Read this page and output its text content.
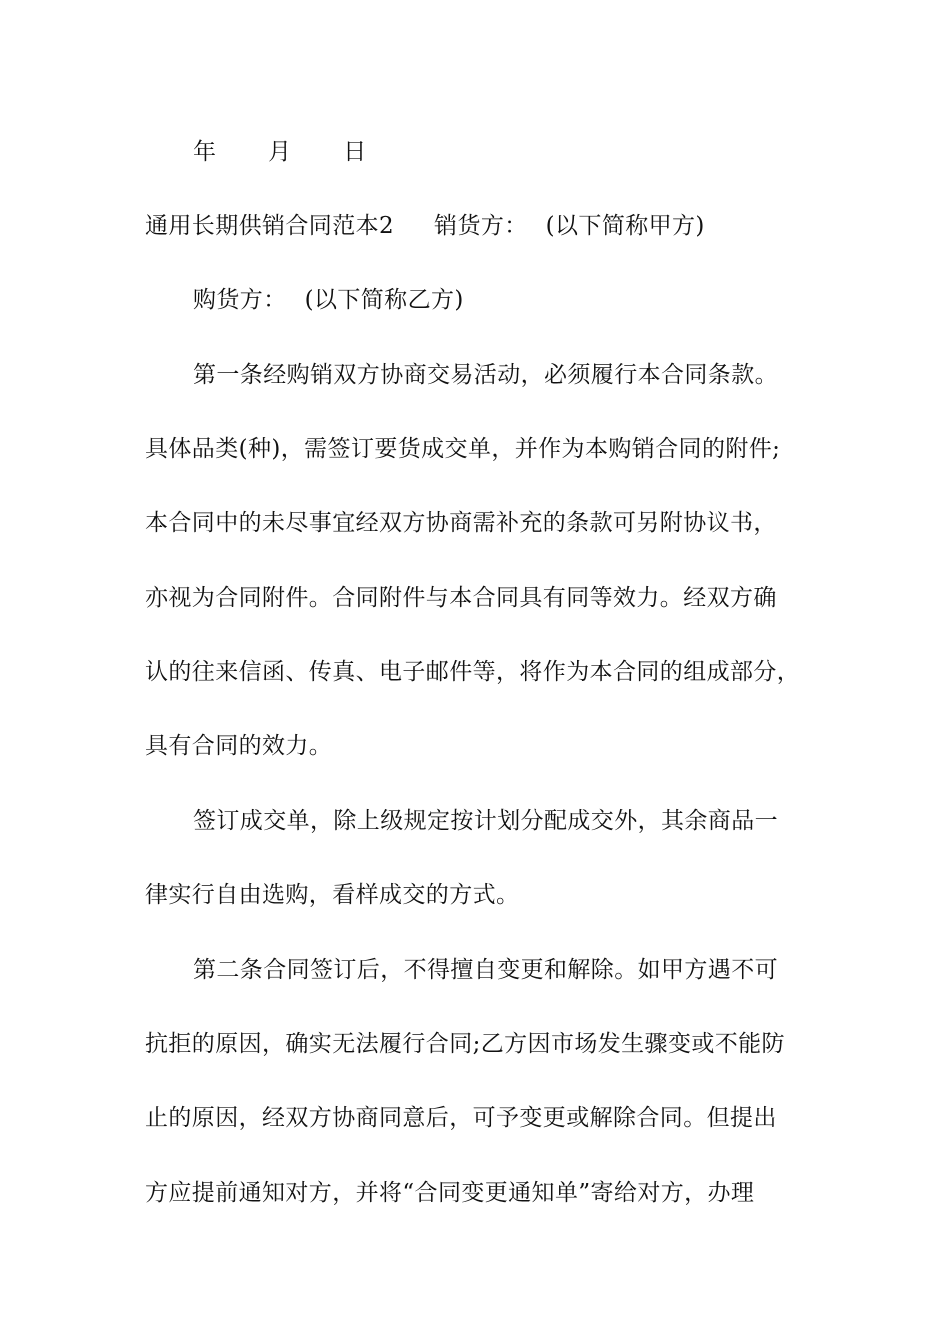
年 月 日
通用长期供销合同范本2 销货方： (以下简称甲方)
购货方： (以下简称乙方)
第一条经购销双方协商交易活动，必须履行本合同条款。
具体品类(种)，需签订要货成交单，并作为本购销合同的附件;
本合同中的未尽事宜经双方协商需补充的条款可另附协议书，
亦视为合同附件。合同附件与本合同具有同等效力。经双方确
认的往来信函、传真、电子邮件等，将作为本合同的组成部分，
具有合同的效力。
签订成交单，除上级规定按计划分配成交外，其余商品一
律实行自由选购，看样成交的方式。
第二条合同签订后，不得擅自变更和解除。如甲方遇不可
抗拒的原因，确实无法履行合同;乙方因市场发生骤变或不能防
止的原因，经双方协商同意后，可予变更或解除合同。但提出
方应提前通知对方，并将“合同变更通知单”寄给对方，办理
